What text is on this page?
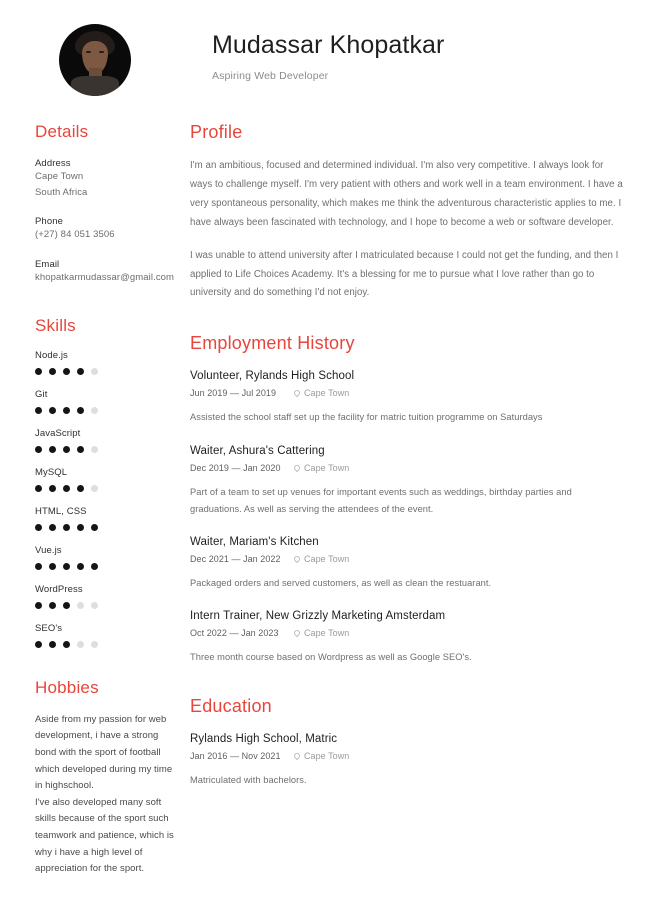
Mudassar Khopatkar
Aspiring Web Developer
Details
Address
Cape Town
South Africa
Phone
(+27) 84 051 3506
Email
khopatkarmudassar@gmail.com
Skills
Node.js
Git
JavaScript
MySQL
HTML, CSS
Vue.js
WordPress
SEO's
Hobbies
Aside from my passion for web development, i have a strong bond with the sport of football which developed during my time in highschool.
I've also developed many soft skills because of the sport such teamwork and patience, which is why i have a high level of appreciation for the sport.
Profile
I'm an ambitious, focused and determined individual. I'm also very competitive. I always look for ways to challenge myself. I'm very patient with others and work well in a team environment. I have a very spontaneous personality, which makes me think the adventurous characteristic applies to me. I have always been fascinated with technology, and I hope to become a web or software developer.
I was unable to attend university after I matriculated because I could not get the funding, and then I applied to Life Choices Academy. It's a blessing for me to pursue what I love rather than go to university and do something I'd not enjoy.
Employment History
Volunteer, Rylands High School
Jun 2019 — Jul 2019	Cape Town
Assisted the school staff set up the facility for matric tuition programme on Saturdays
Waiter, Ashura's Cattering
Dec 2019 — Jan 2020	Cape Town
Part of a team to set up venues for important events such as weddings, birthday parties and graduations. As well as serving the attendees of the event.
Waiter, Mariam's Kitchen
Dec 2021 — Jan 2022	Cape Town
Packaged orders and served customers, as well as clean the restuarant.
Intern Trainer, New Grizzly Marketing Amsterdam
Oct 2022 — Jan 2023	Cape Town
Three month course based on Wordpress as well as Google SEO's.
Education
Rylands High School, Matric
Jan 2016 — Nov 2021	Cape Town
Matriculated with bachelors.
